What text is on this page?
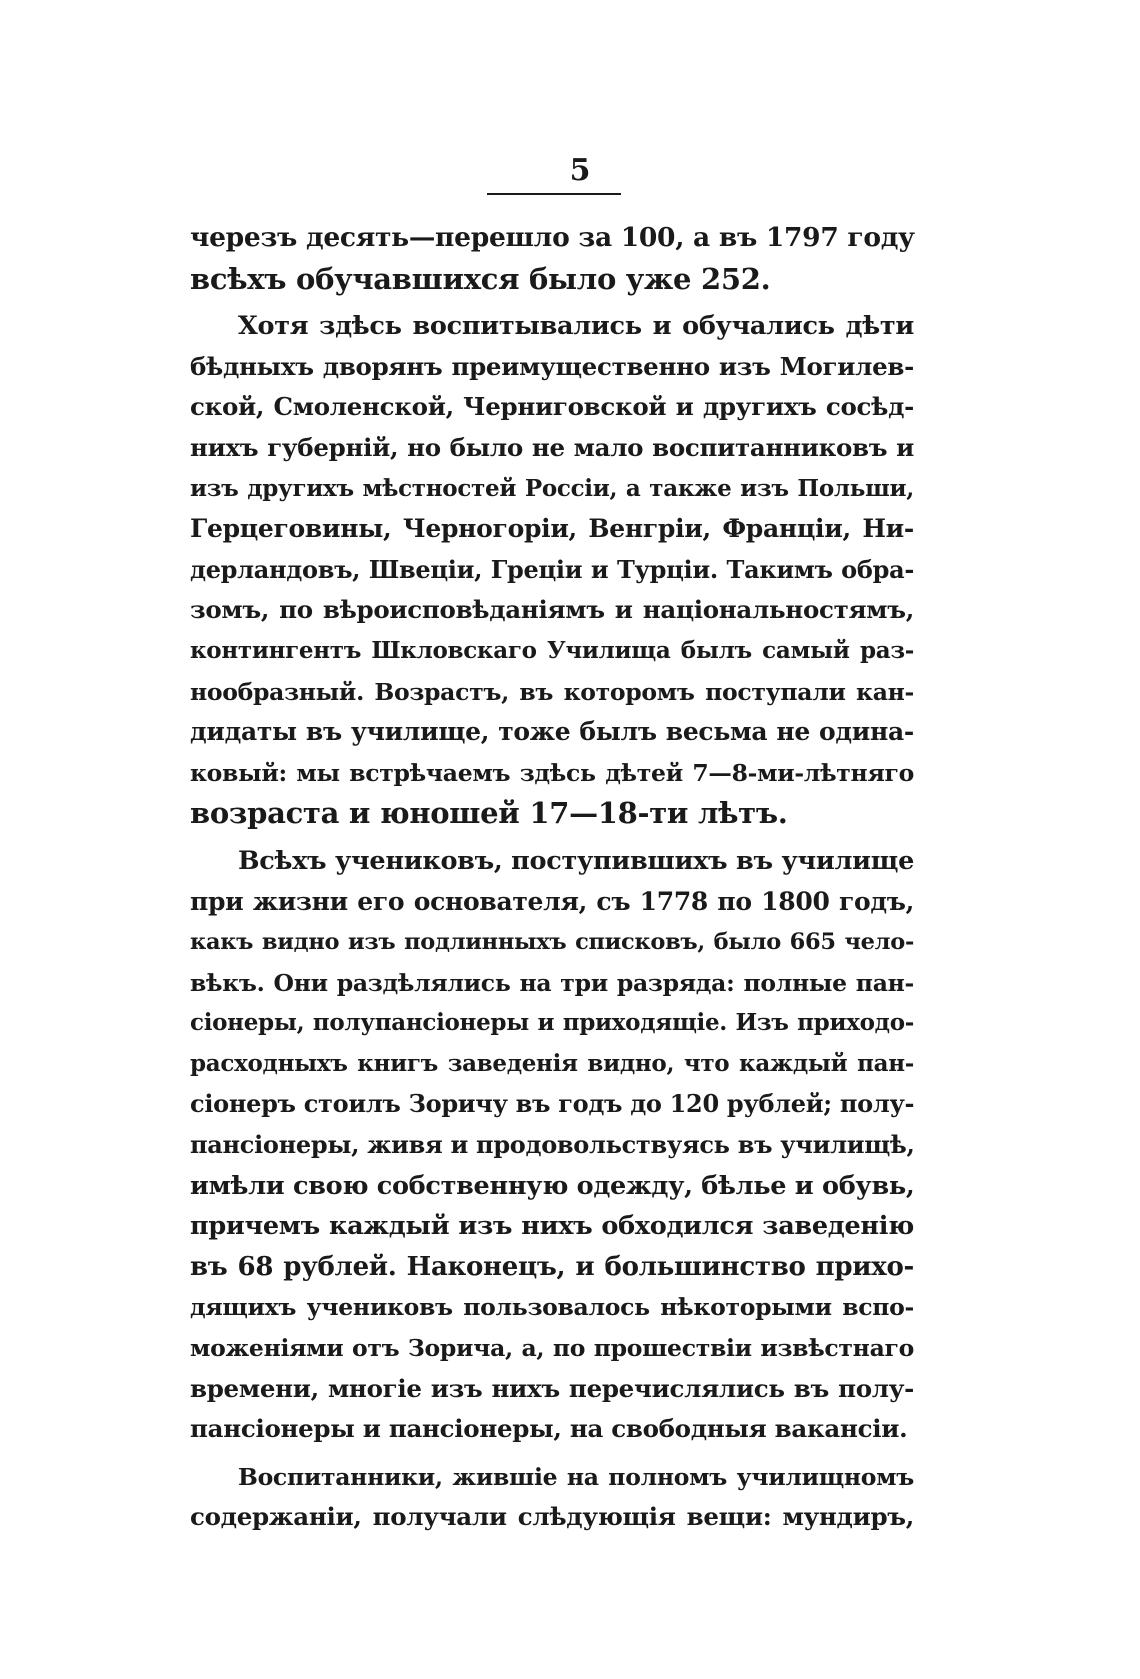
5
черезъ десять—перешло за 100, а въ 1797 году
всѣхъ обучавшихся было уже 252.
Хотя здѣсь воспитывались и обучались дѣти
бѣдныхъ дворянъ преимущественно изъ Могилев-
ской, Смоленской, Черниговской и другихъ сосѣд-
нихъ губерній, но было не мало воспитанниковъ и
изъ другихъ мѣстностей Россіи, а также изъ Польши,
Герцеговины, Черногоріи, Венгріи, Франціи, Ни-
дерландовъ, Швеціи, Греціи и Турціи. Такимъ обра-
зомъ, по вѣроисповѣданіямъ и національностямъ,
контингентъ Шкловскаго Училища былъ самый раз-
нообразный. Возрастъ, въ которомъ поступали кан-
дидаты въ училище, тоже былъ весьма не одина-
ковый: мы встрѣчаемъ здѣсь дѣтей 7—8-ми-лѣтняго
возраста и юношей 17—18-ти лѣтъ.
Всѣхъ учениковъ, поступившихъ въ училище
при жизни его основателя, съ 1778 по 1800 годъ,
какъ видно изъ подлинныхъ списковъ, было 665 чело-
вѣкъ. Они раздѣлялись на три разряда: полные пан-
сіонеры, полупансіонеры и приходящіе. Изъ приходо-
расходныхъ книгъ заведенія видно, что каждый пан-
сіонеръ стоилъ Зоричу въ годъ до 120 рублей; полу-
пансіонеры, живя и продовольствуясь въ училищѣ,
имѣли свою собственную одежду, бѣлье и обувь,
причемъ каждый изъ нихъ обходился заведенію
въ 68 рублей. Наконецъ, и большинство прихо-
дящихъ учениковъ пользовалось нѣкоторыми вспо-
моженіями отъ Зорича, а, по прошествіи извѣстнаго
времени, многіе изъ нихъ перечислялись въ полу-
пансіонеры и пансіонеры, на свободныя вакансіи.
Воспитанники, жившіе на полномъ училищномъ
содержаніи, получали слѣдующія вещи: мундиръ,
